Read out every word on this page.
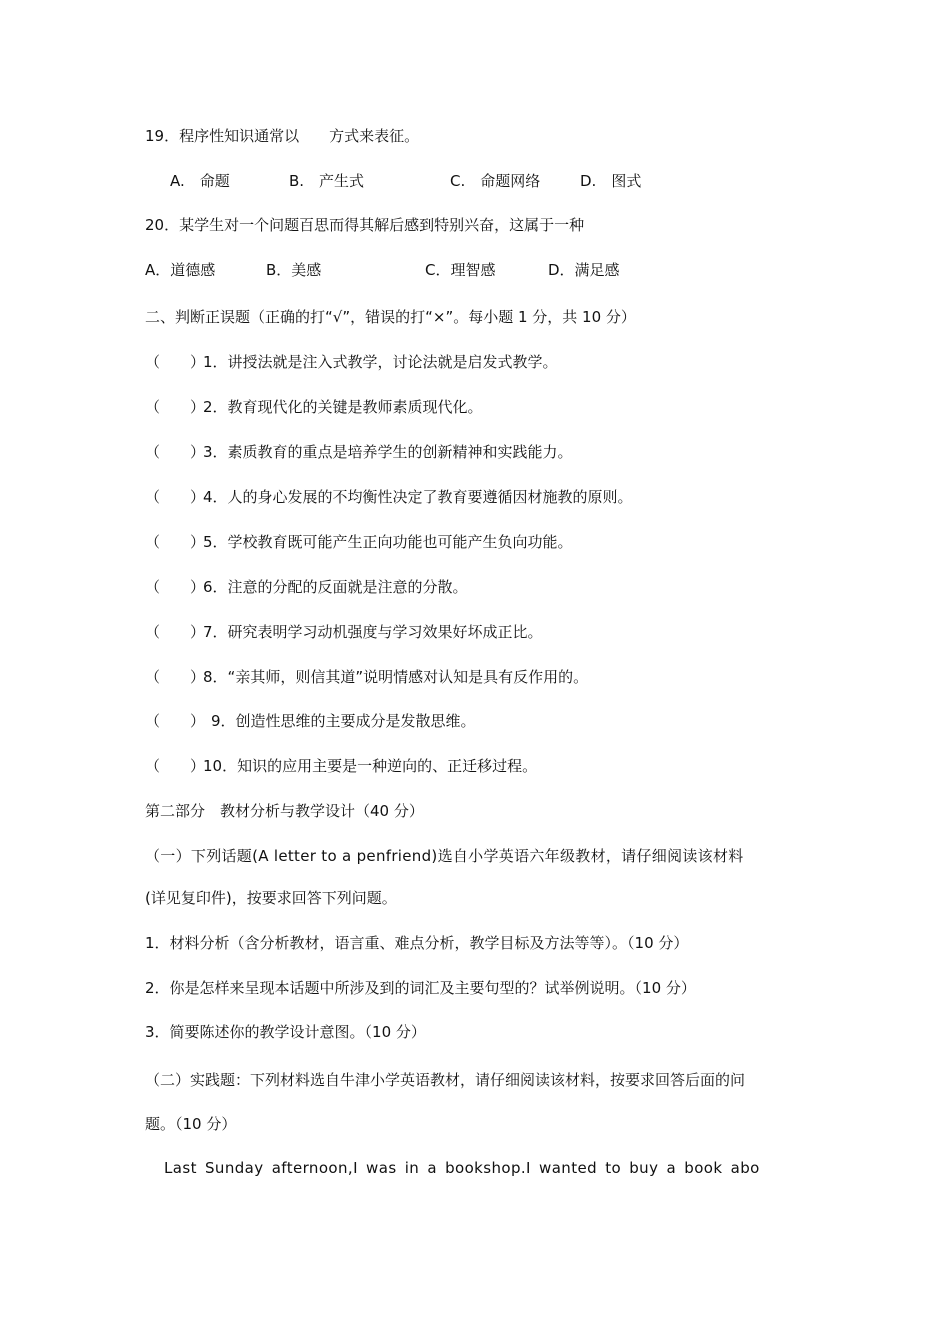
19．程序性知识通常以　　方式来表征。
A.　命题	B.　产生式	C.　命题网络	D.　图式
20．某学生对一个问题百思而得其解后感到特别兴奋，这属于一种
A．道德感	B．美感	C．理智感	D．满足感
二、判断正误题（正确的打“√”，错误的打“×”。每小题 1 分，共 10 分）
（　　）1．讲授法就是注入式教学，讨论法就是启发式教学。
（　　）2．教育现代化的关键是教师素质现代化。
（　　）3．素质教育的重点是培养学生的创新精神和实践能力。
（　　）4．人的身心发展的不均衡性决定了教育要遵循因材施教的原则。
（　　）5．学校教育既可能产生正向功能也可能产生负向功能。
（　　）6．注意的分配的反面就是注意的分散。
（　　）7．研究表明学习动机强度与学习效果好坏成正比。
（　　）8．“亲其师，则信其道”说明情感对认知是具有反作用的。
（　　） 9．创造性思维的主要成分是发散思维。
（　　）10．知识的应用主要是一种逆向的、正迁移过程。
第二部分　教材分析与教学设计（40 分）
（一）下列话题(A letter to a penfriend)选自小学英语六年级教材，请仔细阅读该材料
(详见复印件)，按要求回答下列问题。
1．材料分析（含分析教材，语言重、难点分析，教学目标及方法等等）。（10 分）
2．你是怎样来呈现本话题中所涉及到的词汇及主要句型的？试举例说明。（10 分）
3．简要陈述你的教学设计意图。（10 分）
（二）实践题：下列材料选自牛津小学英语教材，请仔细阅读该材料，按要求回答后面的问
题。（10 分）
Last Sunday afternoon,I was in a bookshop.I wanted to buy a book abo
